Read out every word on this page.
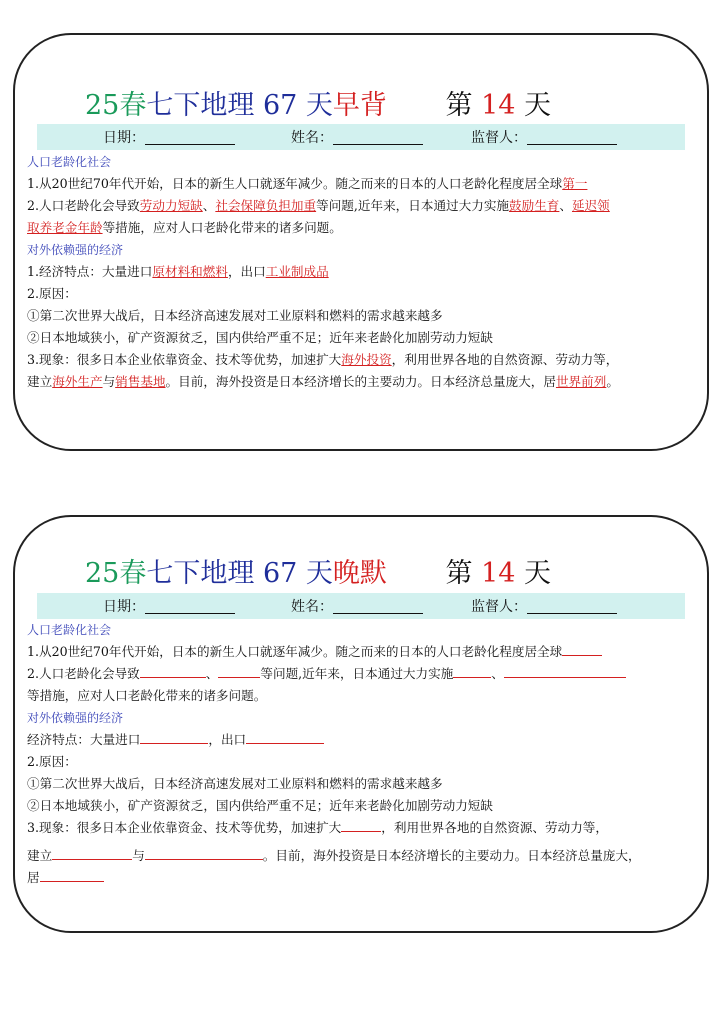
25春七下地理 67 天早背 第 14 天
日期：	姓名：	监督人：

人口老龄化社会

1.从20世纪70年代开始，日本的新生人口就逐年减少。随之而来的日本的人口老龄化程度居全球第一

2.人口老龄化会导致劳动力短缺、社会保障负担加重等问题,近年来，日本通过大力实施鼓励生育、延迟领

取养老金年龄等措施，应对人口老龄化带来的诸多问题。

对外依赖强的经济

1.经济特点：大量进口原材料和燃料，出口工业制成品

2.原因：

①第二次世界大战后，日本经济高速发展对工业原料和燃料的需求越来越多

②日本地域狭小，矿产资源贫乏，国内供给严重不足；近年来老龄化加剧劳动力短缺

3.现象：很多日本企业依靠资金、技术等优势，加速扩大海外投资，利用世界各地的自然资源、劳动力等，

建立海外生产与销售基地。目前，海外投资是日本经济增长的主要动力。日本经济总量庞大，居世界前列。

25春七下地理 67 天晚默 第 14 天
日期：	姓名：	监督人：

人口老龄化社会

1.从20世纪70年代开始，日本的新生人口就逐年减少。随之而来的日本的人口老龄化程度居全球

2.人口老龄化会导致	、	等问题,近年来，日本通过大力实施	、

等措施，应对人口老龄化带来的诸多问题。

对外依赖强的经济

经济特点：大量进口	，出口

2.原因：

①第二次世界大战后，日本经济高速发展对工业原料和燃料的需求越来越多

②日本地域狭小，矿产资源贫乏，国内供给严重不足；近年来老龄化加剧劳动力短缺

3.现象：很多日本企业依靠资金、技术等优势，加速扩大	，利用世界各地的自然资源、劳动力等，

建立	与	。目前，海外投资是日本经济增长的主要动力。日本经济总量庞大，

居
